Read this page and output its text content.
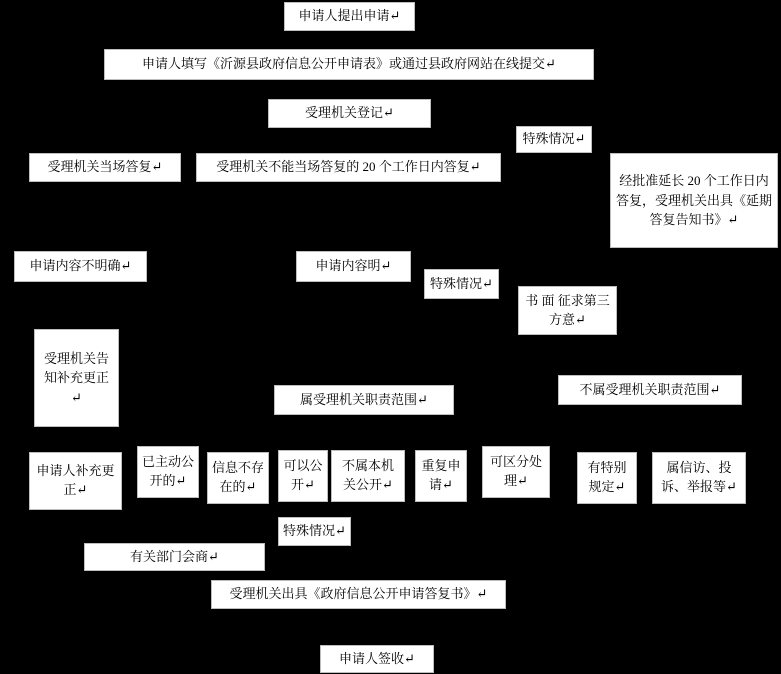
申请人提出申请↵
申请人填写《沂源县政府信息公开申请表》或通过县政府网站在线提交↵
受理机关登记↵
特殊情况↵
受理机关当场答复↵	受理机关不能当场答复的 20 个工作日内答复↵
经批准延长 20 个工作日内答复，受理机关出具《延期答复告知书》↵
申请内容不明确↵	申请内容明↵
特殊情况↵
书 面 征求第三方意↵
受理机关告知补充更正↵	属受理机关职责范围↵
不属受理机关职责范围↵
申请人补充更正↵
已主动公开的↵
信息不存在的↵
可以公开↵
不属本机关公开↵
重复申请↵
可区分处理↵
有特别规定↵
属信访、投诉、举报等↵
特殊情况↵
有关部门会商↵
受理机关出具《政府信息公开申请答复书》↵
申请人签收↵
